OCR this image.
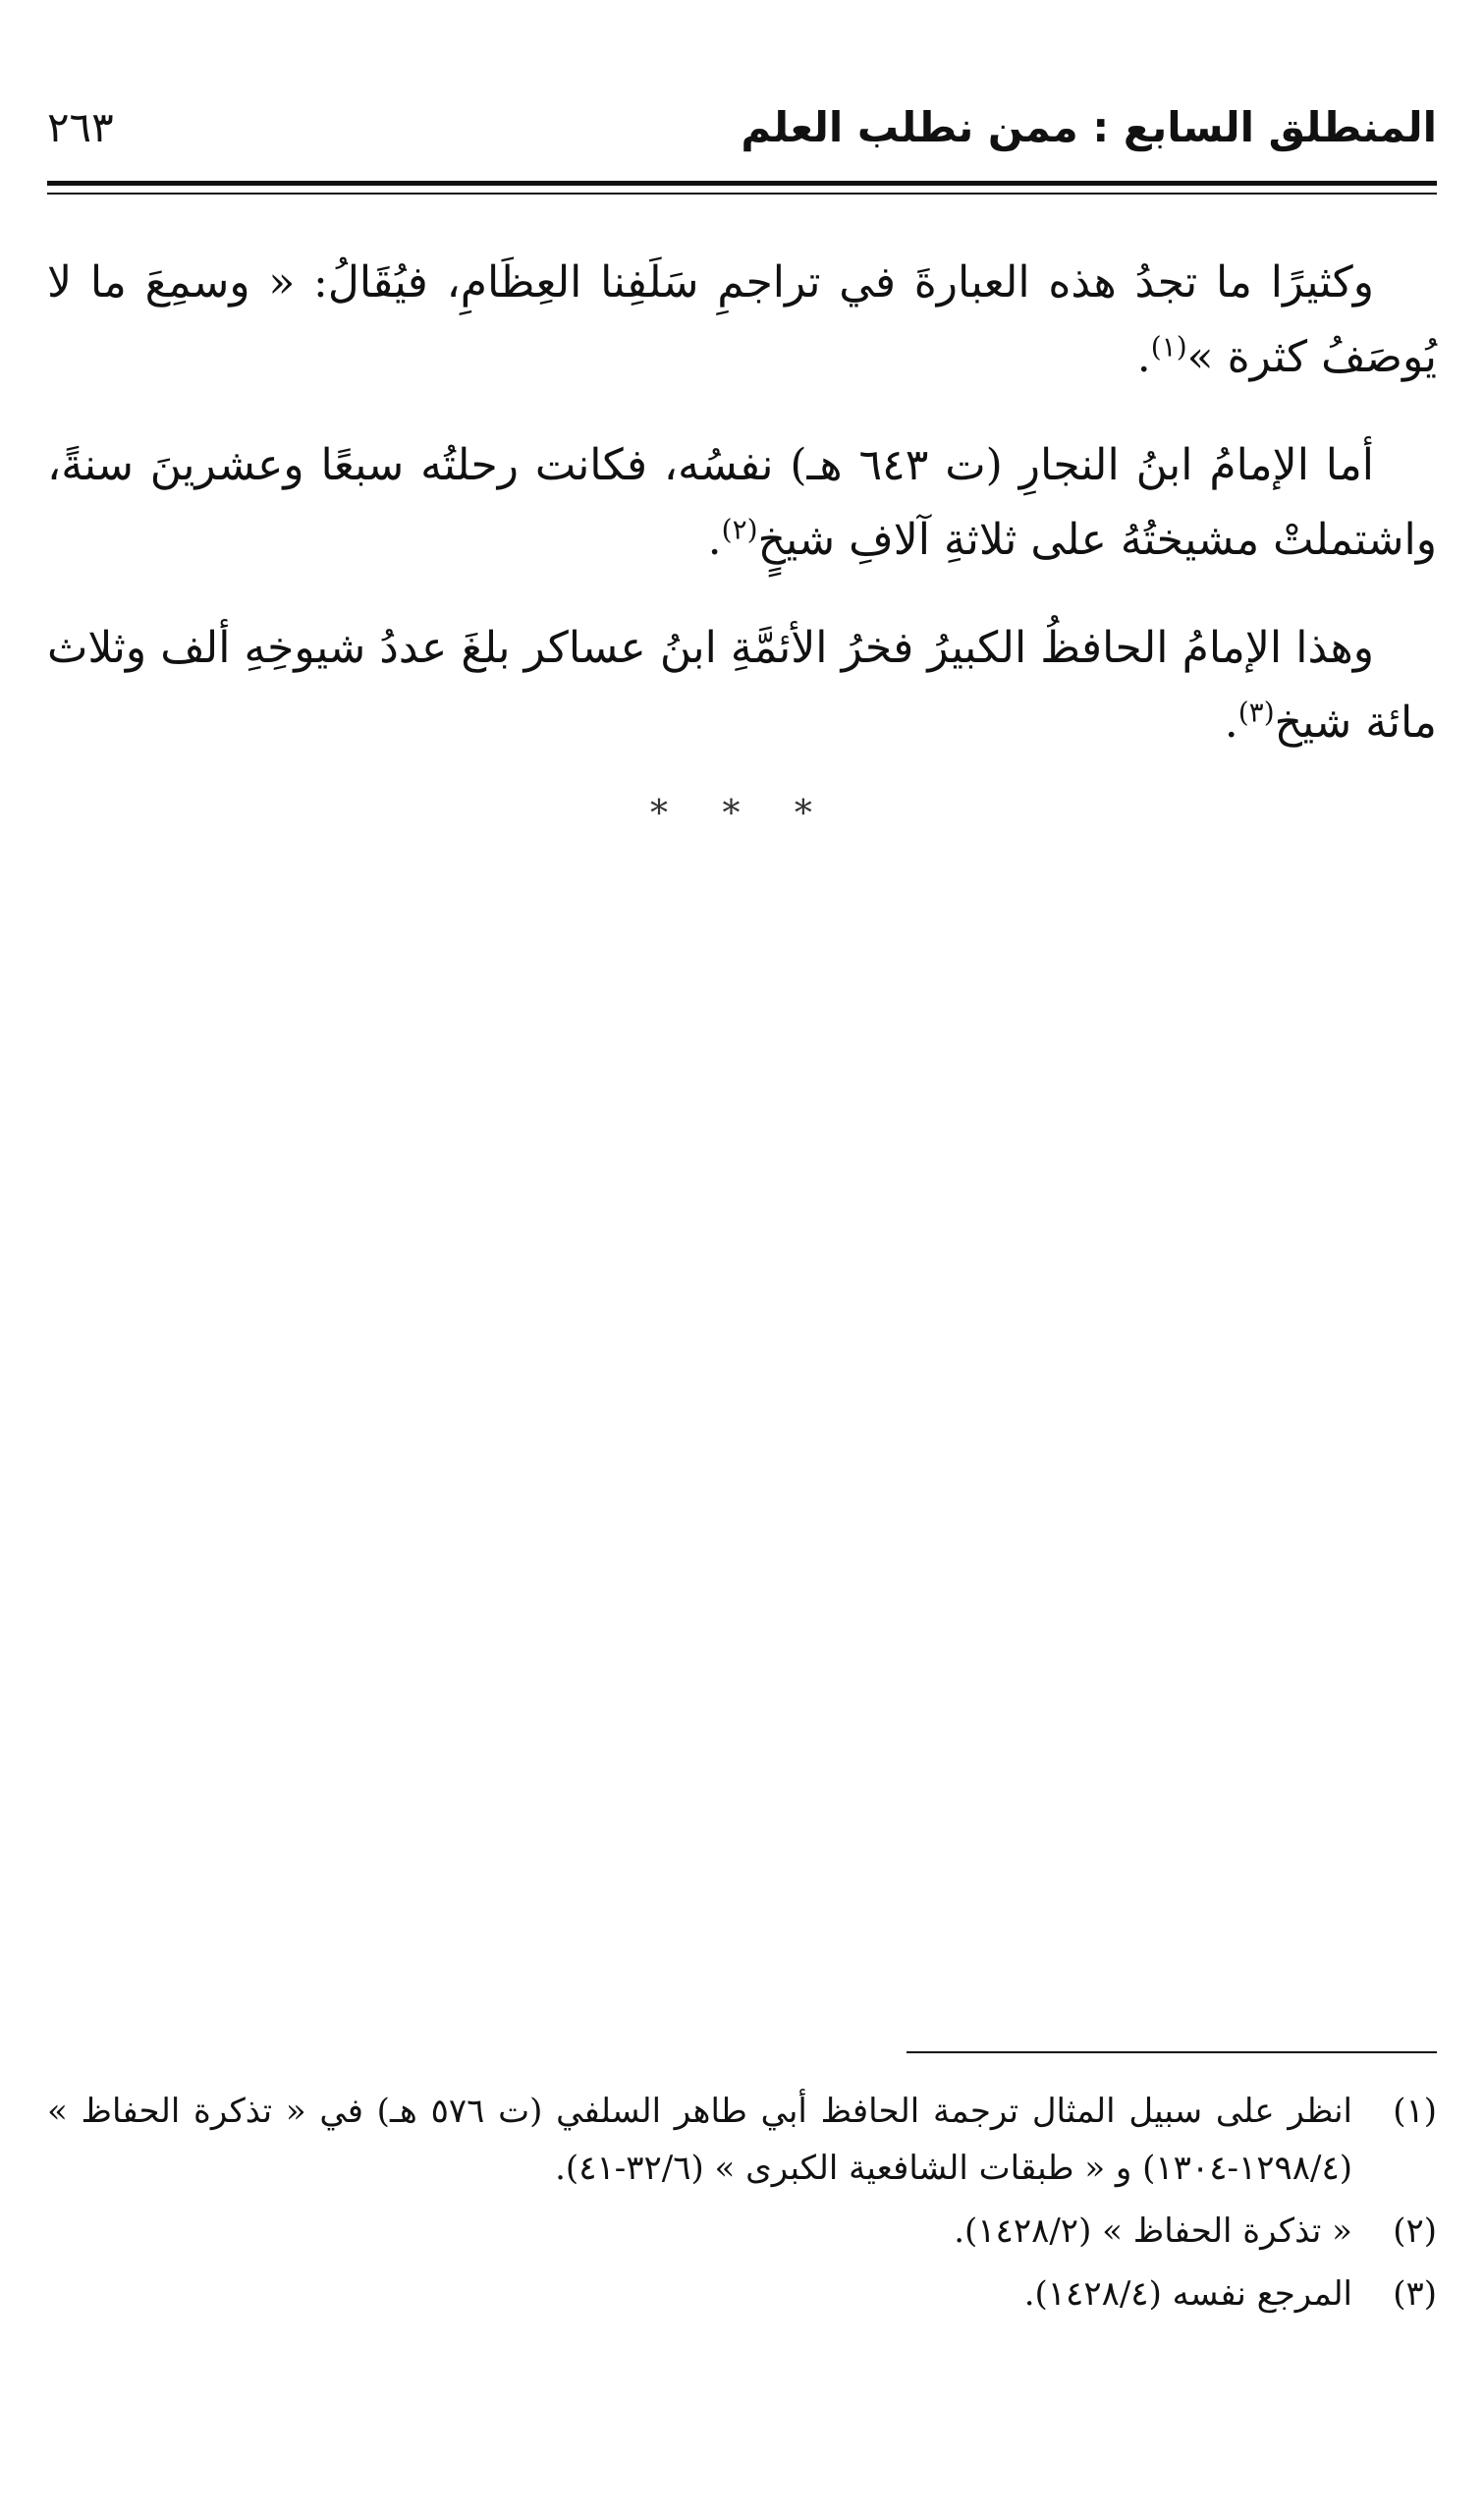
المنطلق السابع : ممن نطلب العلم
٢٦٣

وكثيرًا ما تجدُ هذه العبارةَ في تراجمِ سَلَفِنا العِظَامِ، فيُقَالُ: « وسمِعَ ما لا يُوصَفُ كثرة »$^{(١)}$.

أما الإمامُ ابنُ النجارِ (ت ٦٤٣ هـ) نفسُه، فكانت رحلتُه سبعًا وعشرينَ سنةً، واشتملتْ مشيختُهُ على ثلاثةِ آلافِ شيخٍ$^{(٢)}$.

وهذا الإمامُ الحافظُ الكبيرُ فخرُ الأئمَّةِ ابنُ عساكر بلغَ عددُ شيوخِهِ ألف وثلاث مائة شيخ$^{(٣)}$.

* * *

(١)
انظر على سبيل المثال ترجمة الحافظ أبي طاهر السلفي (ت ٥٧٦ هـ) في « تذكرة الحفاظ » (١٢٩٨/٤-١٣٠٤) و « طبقات الشافعية الكبرى » (٣٢/٦-٤١).

(٢)
« تذكرة الحفاظ » (١٤٢٨/٢).

(٣)
المرجع نفسه (١٤٢٨/٤).
